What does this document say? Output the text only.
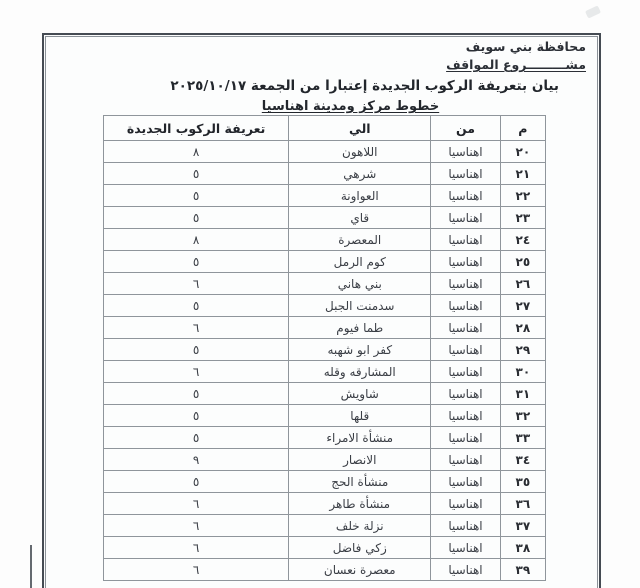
محافظة بني سويف
مشـــــــــروع المواقف
بيان بتعريفة الركوب الجديدة إعتبارا من الجمعة ٢٠٢٥/١٠/١٧
خطوط مركز ومدينة اهناسيا
م	من	الي	تعريفة الركوب الجديدة
٢٠	اهناسيا	اللاهون	٨
٢١	اهناسيا	شرهي	٥
٢٢	اهناسيا	العواونة	٥
٢٣	اهناسيا	قاي	٥
٢٤	اهناسيا	المعصرة	٨
٢٥	اهناسيا	كوم الرمل	٥
٢٦	اهناسيا	بني هاني	٦
٢٧	اهناسيا	سدمنت الجبل	٥
٢٨	اهناسيا	طما فيوم	٦
٢٩	اهناسيا	كفر ابو شهبه	٥
٣٠	اهناسيا	المشارقه وقله	٦
٣١	اهناسيا	شاويش	٥
٣٢	اهناسيا	قلها	٥
٣٣	اهناسيا	منشأة الامراء	٥
٣٤	اهناسيا	الانصار	٩
٣٥	اهناسيا	منشأة الحج	٥
٣٦	اهناسيا	منشأة طاهر	٦
٣٧	اهناسيا	نزلة خلف	٦
٣٨	اهناسيا	زكي فاضل	٦
٣٩	اهناسيا	معصرة نعسان	٦
